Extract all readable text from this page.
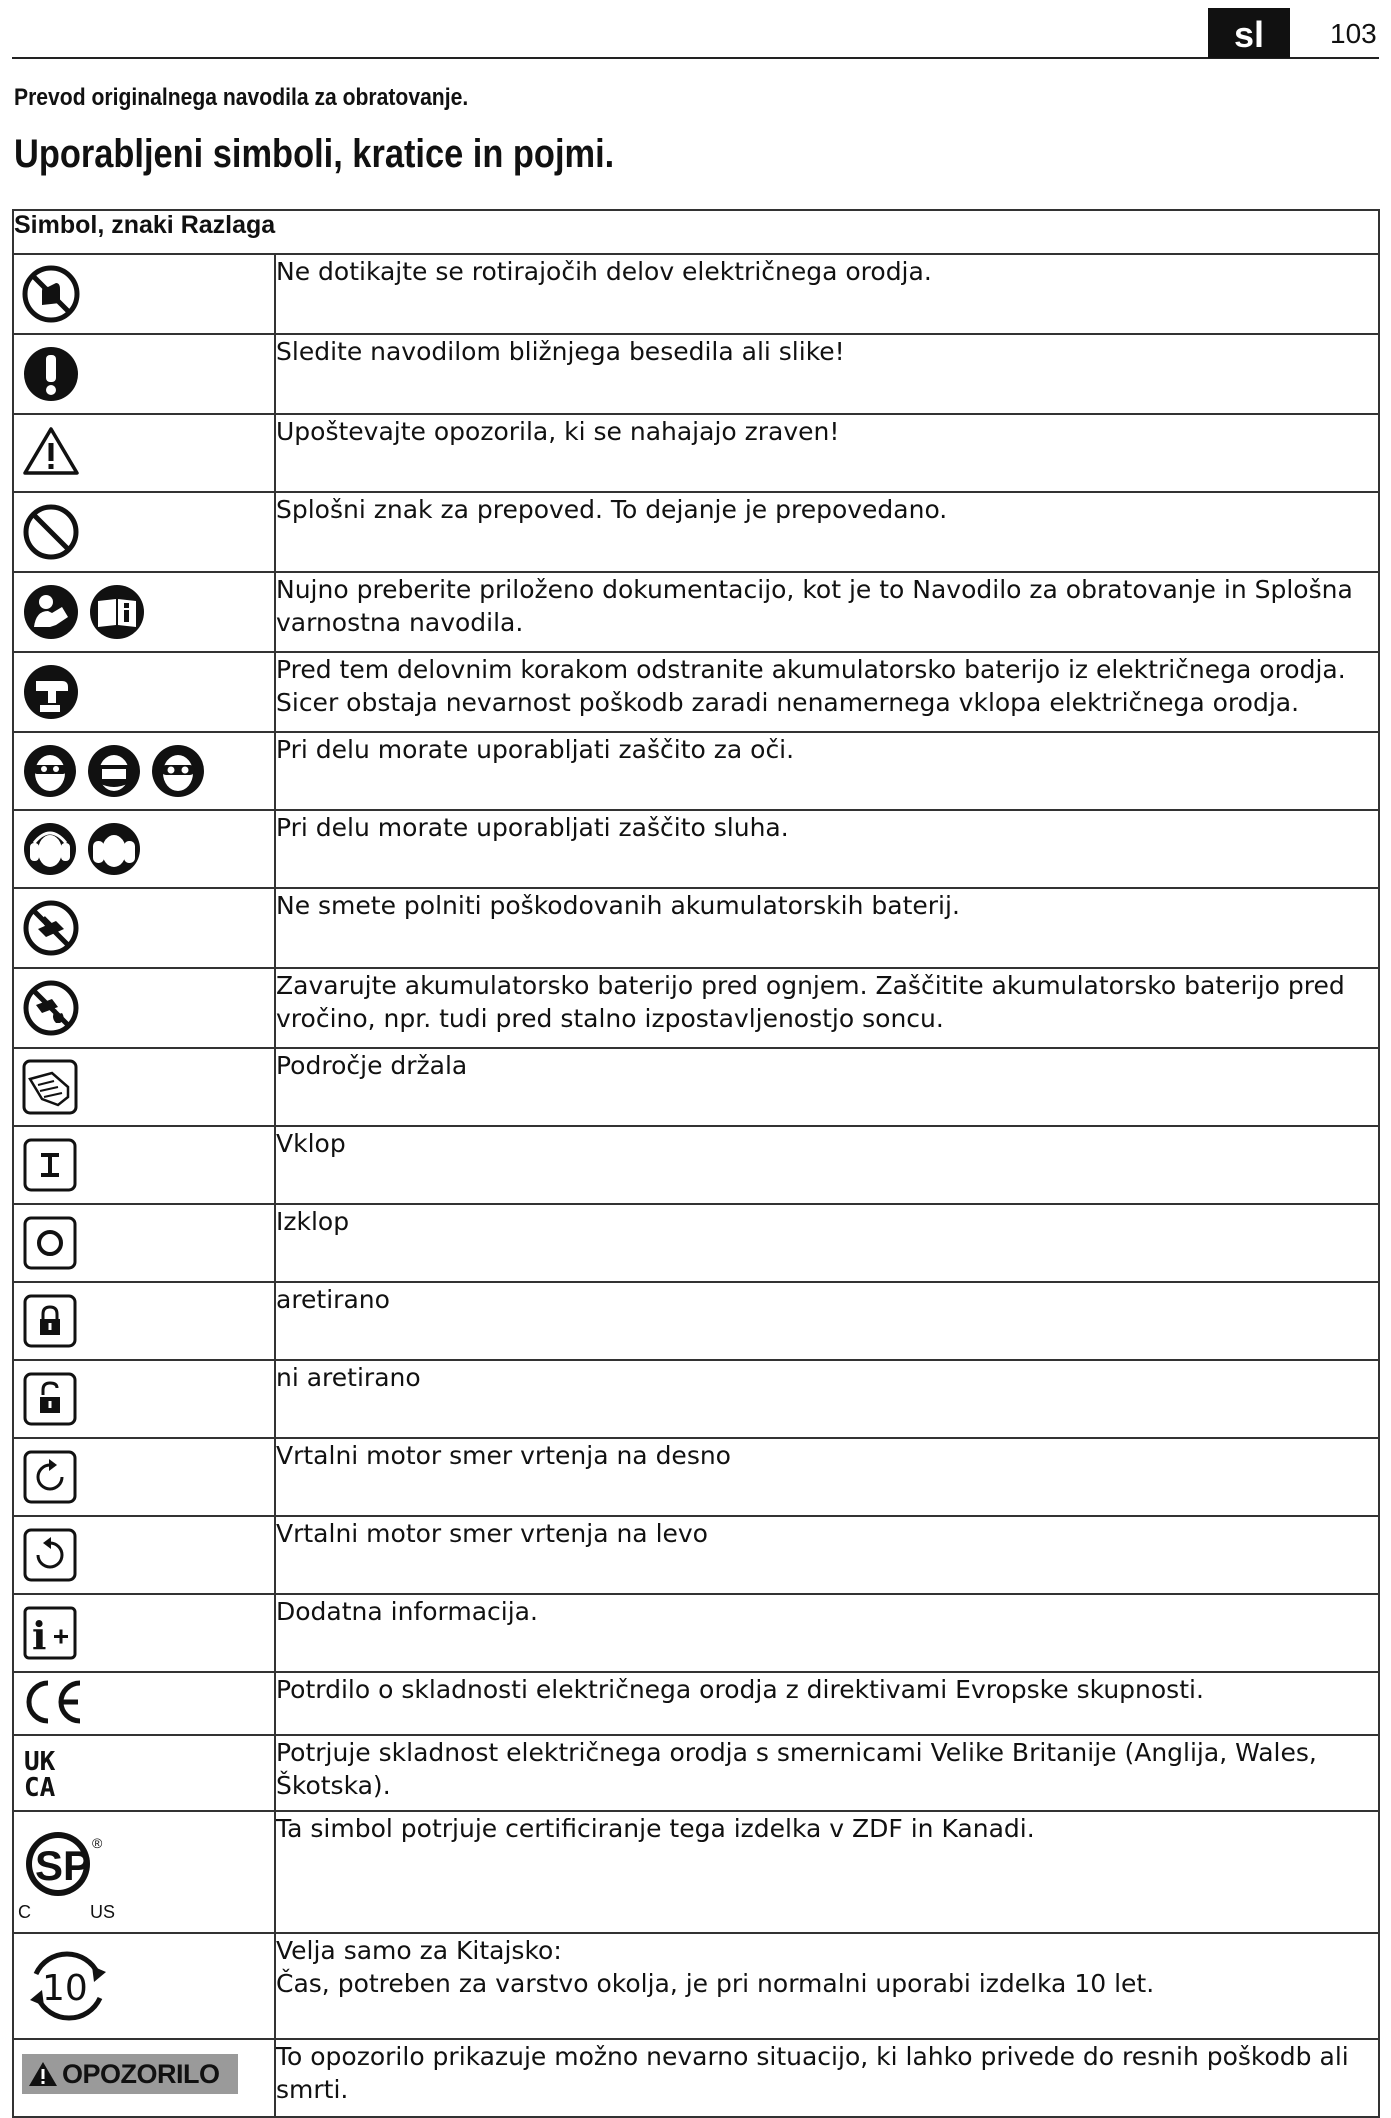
sl	103
Prevod originalnega navodila za obratovanje.
Uporabljeni simboli, kratice in pojmi.
Simbol, znaki Razlaga	

	Ne dotikajte se rotirajočih delov električnega orodja.

	Sledite navodilom bližnjega besedila ali slike!

	Upoštevajte opozorila, ki se nahajajo zraven!

	Splošni znak za prepoved. To dejanje je prepovedano.

	Nujno preberite priloženo dokumentacijo, kot je to Navodilo za obratovanje in Splošna varnostna navodila.

	Pred tem delovnim korakom odstranite akumulatorsko baterijo iz električnega orodja. Sicer obstaja nevarnost poškodb zaradi nenamernega vklopa električnega orodja.

	Pri delu morate uporabljati zaščito za oči.

	Pri delu morate uporabljati zaščito sluha.

	Ne smete polniti poškodovanih akumulatorskih baterij.

	Zavarujte akumulatorsko baterijo pred ognjem. Zaščitite akumulatorsko baterijo pred vročino, npr. tudi pred stalno izpostavljenostjo soncu.

	Področje držala

	Vklop

	Izklop

	aretirano

	ni aretirano

	Vrtalni motor smer vrtenja na desno

	Vrtalni motor smer vrtenja na levo

i	Dodatna informacija.

	Potrdilo o skladnosti električnega orodja z direktivami Evropske skupnosti.

UK
CA	Potrjuje skladnost električnega orodja s smernicami Velike Britanije (Anglija, Wales, Škotska).

SP ®
C US	Ta simbol potrjuje certificiranje tega izdelka v ZDF in Kanadi.

10	Velja samo za Kitajsko:
Čas, potreben za varstvo okolja, je pri normalni uporabi izdelka 10 let.

OPOZORILO	To opozorilo prikazuje možno nevarno situacijo, ki lahko privede do resnih poškodb ali smrti.
